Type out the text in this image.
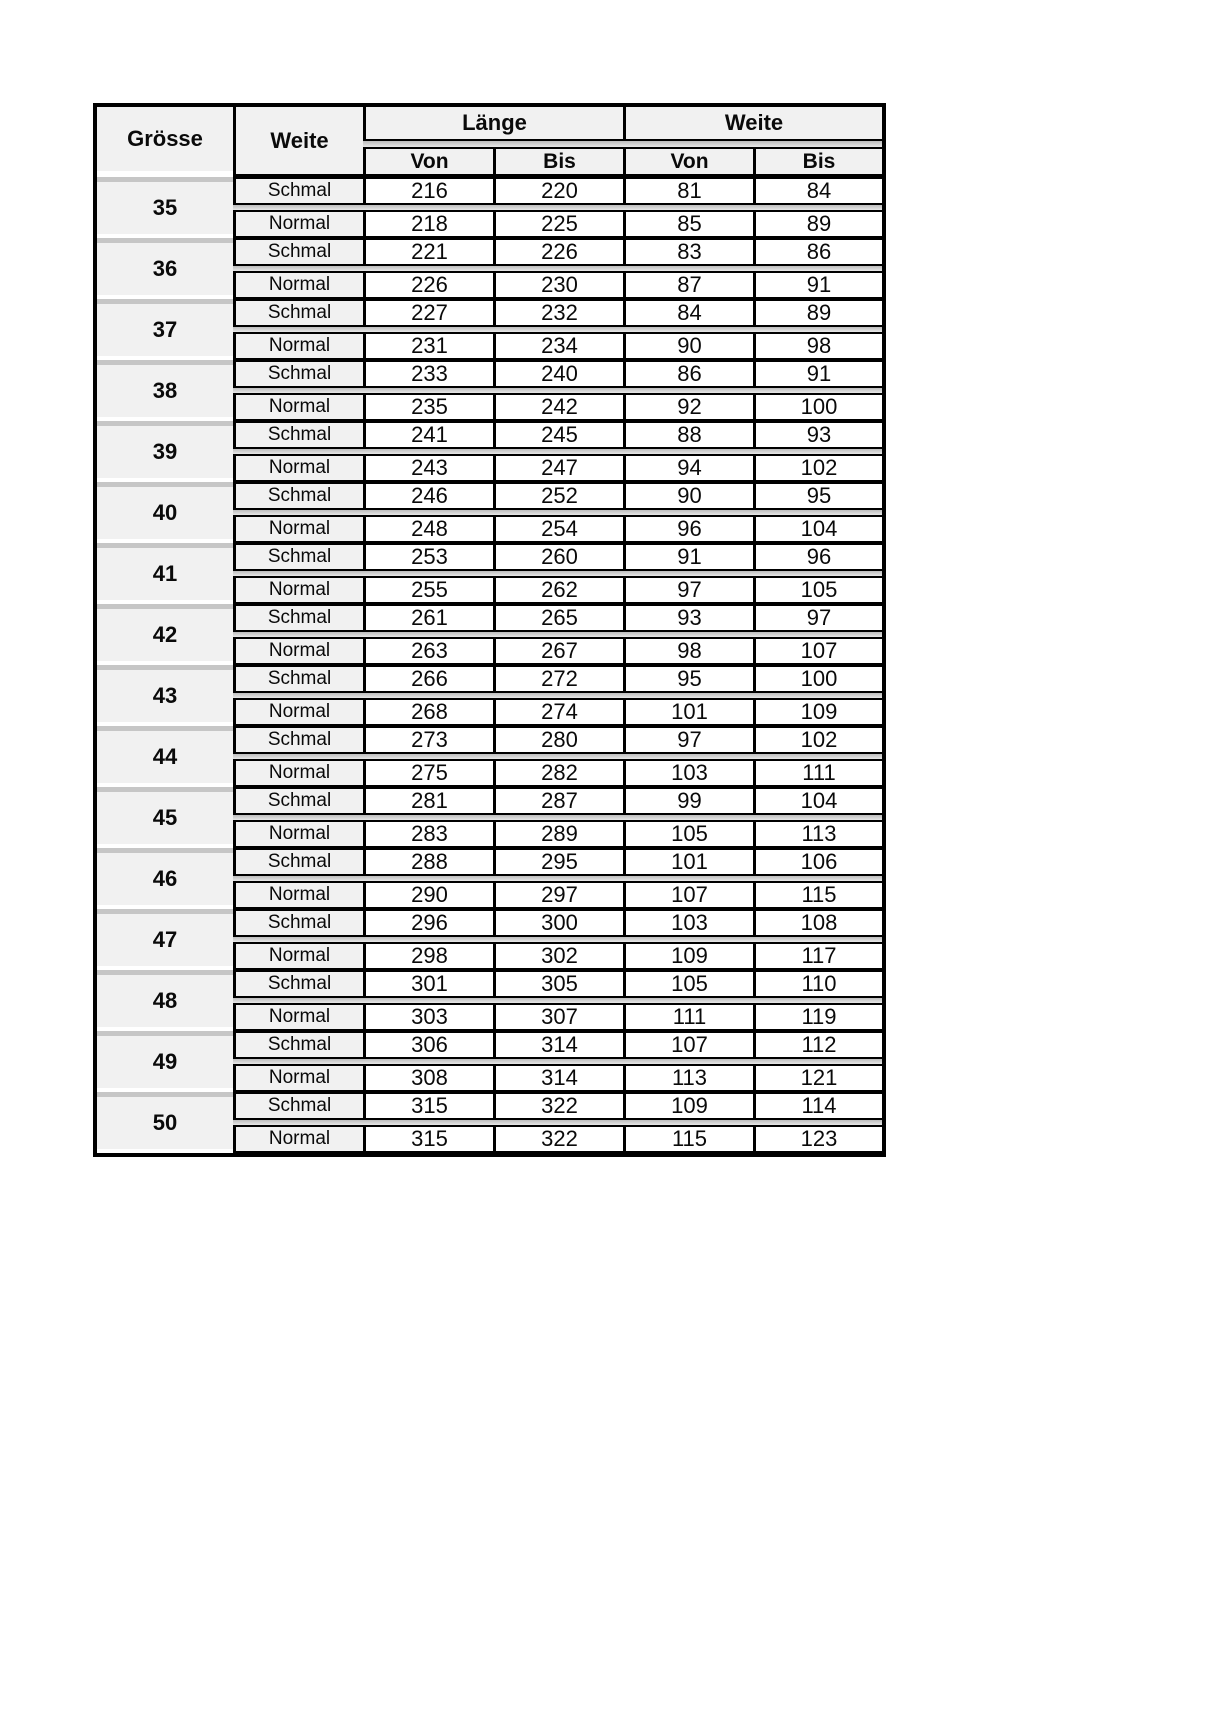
Grösse	Weite
Länge	Weite
Von	Bis	Von	Bis
35
Schmal	216	220	81	84
Normal	218	225	85	89
36
Schmal	221	226	83	86
Normal	226	230	87	91
37
Schmal	227	232	84	89
Normal	231	234	90	98
38
Schmal	233	240	86	91
Normal	235	242	92	100
39
Schmal	241	245	88	93
Normal	243	247	94	102
40
Schmal	246	252	90	95
Normal	248	254	96	104
41
Schmal	253	260	91	96
Normal	255	262	97	105
42
Schmal	261	265	93	97
Normal	263	267	98	107
43
Schmal	266	272	95	100
Normal	268	274	101	109
44
Schmal	273	280	97	102
Normal	275	282	103	111
45
Schmal	281	287	99	104
Normal	283	289	105	113
46
Schmal	288	295	101	106
Normal	290	297	107	115
47
Schmal	296	300	103	108
Normal	298	302	109	117
48
Schmal	301	305	105	110
Normal	303	307	111	119
49
Schmal	306	314	107	112
Normal	308	314	113	121
50
Schmal	315	322	109	114
Normal	315	322	115	123
